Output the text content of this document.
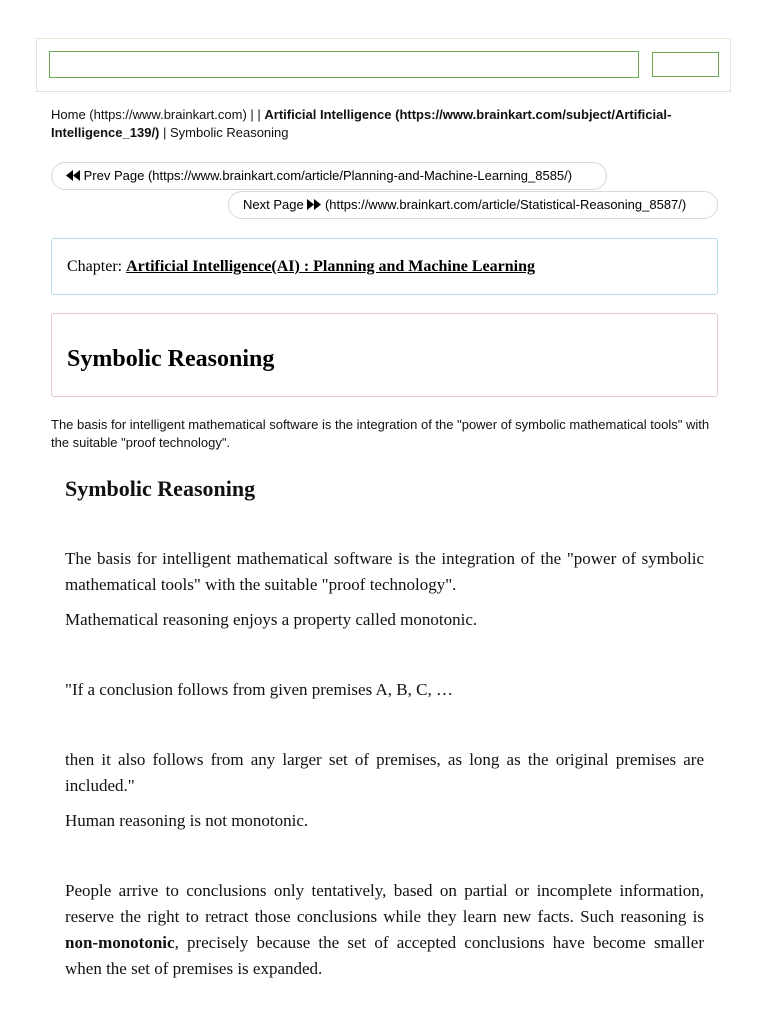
Home (https://www.brainkart.com) | | Artificial Intelligence (https://www.brainkart.com/subject/Artificial-Intelligence_139/) | Symbolic Reasoning
Prev Page (https://www.brainkart.com/article/Planning-and-Machine-Learning_8585/)
Next Page (https://www.brainkart.com/article/Statistical-Reasoning_8587/)
Chapter: Artificial Intelligence(AI) : Planning and Machine Learning
Symbolic Reasoning
The basis for intelligent mathematical software is the integration of the "power of symbolic mathematical tools" with the suitable "proof technology".
Symbolic Reasoning

The basis for intelligent mathematical software is the integration of the "power of symbolic mathematical tools" with the suitable "proof technology".

Mathematical reasoning enjoys a property called monotonic.

"If a conclusion follows from given premises A, B, C, …

then it also follows from any larger set of premises, as long as the original premises are included."

Human reasoning is not monotonic.

People arrive to conclusions only tentatively, based on partial or incomplete information, reserve the right to retract those conclusions while they learn new facts. Such reasoning is non-monotonic, precisely because the set of accepted conclusions have become smaller when the set of premises is expanded.
